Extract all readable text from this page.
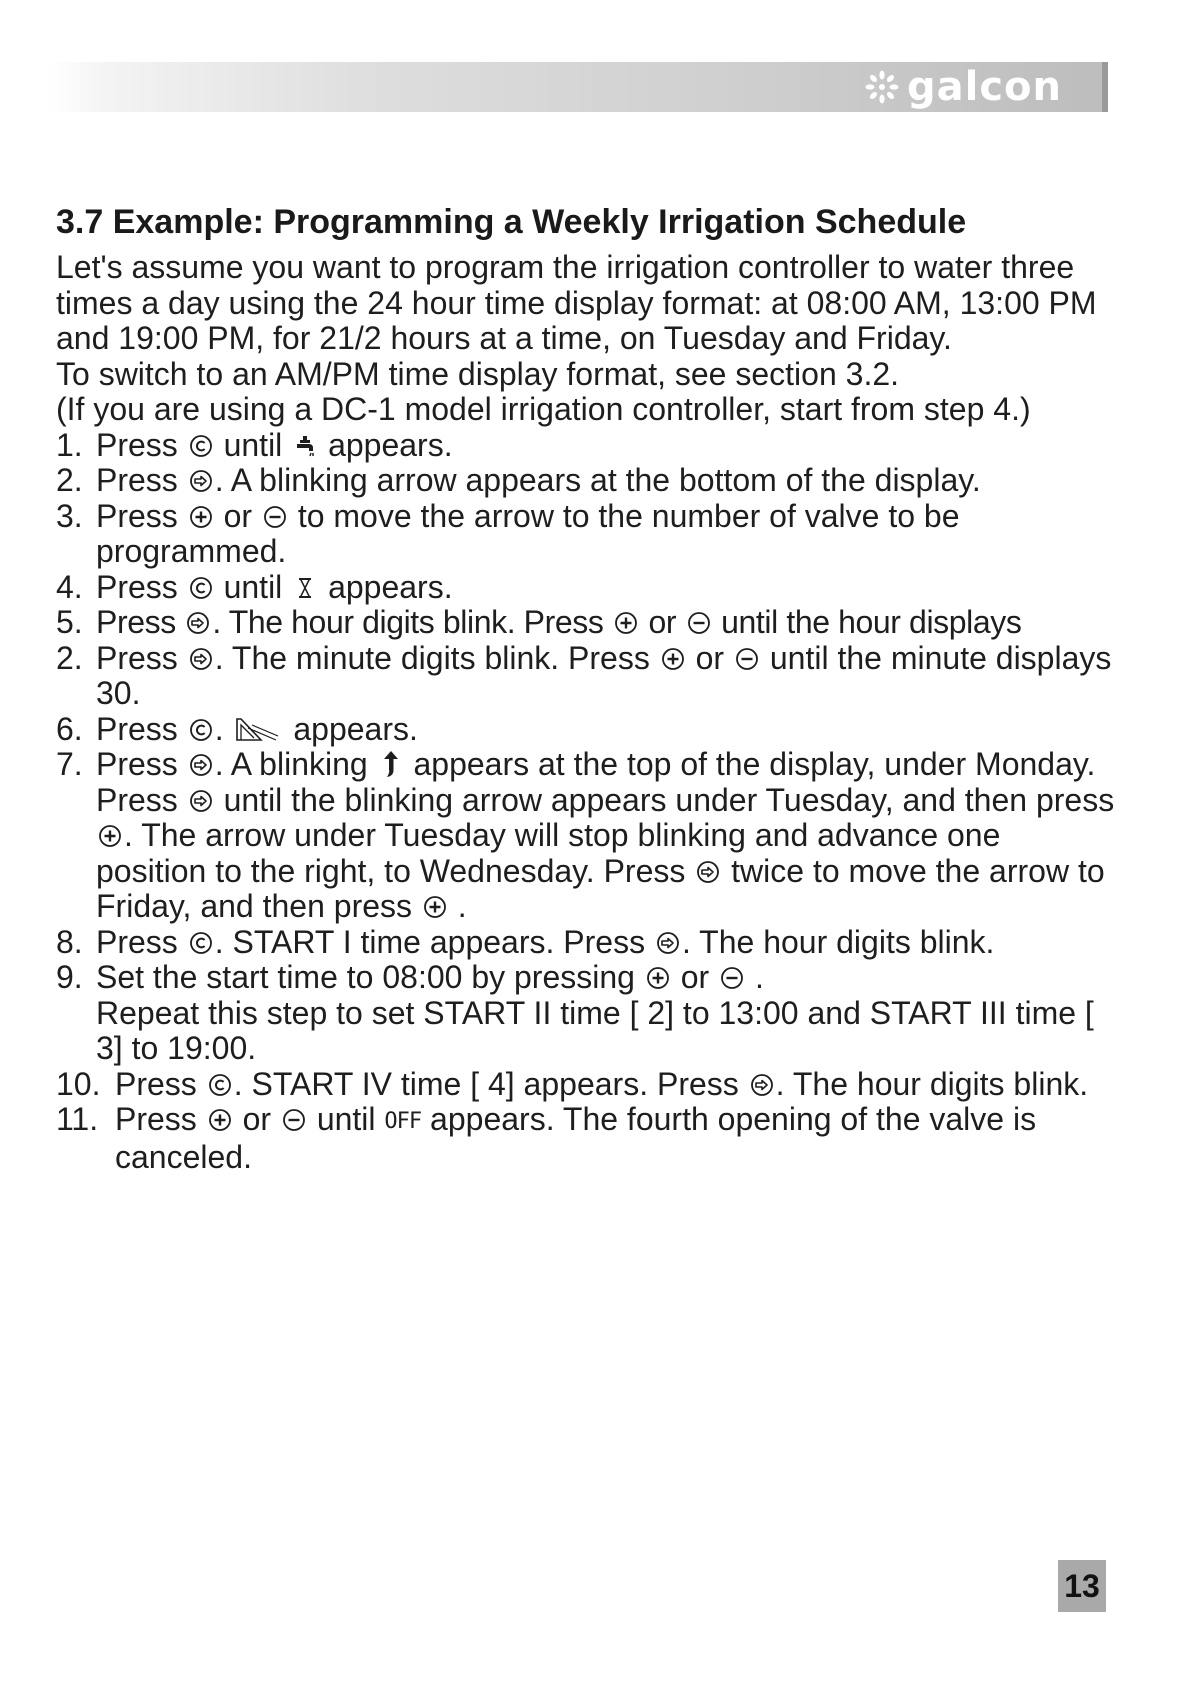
galcon
3.7 Example: Programming a Weekly Irrigation Schedule

Let's assume you want to program the irrigation controller to water three times a day using the 24 hour time display format: at 08:00 AM, 13:00 PM and 19:00 PM, for 21/2 hours at a time, on Tuesday and Friday.

To switch to an AM/PM time display format, see section 3.2.

(If you are using a DC-1 model irrigation controller, start from step 4.)

1. Press until appears.
2. Press . A blinking arrow appears at the bottom of the display.
3. Press or to move the arrow to the number of valve to be programmed.
4. Press until appears.
5. Press . The hour digits blink. Press or until the hour displays
2. Press . The minute digits blink. Press or until the minute displays 30.
6. Press . appears.
7. Press . A blinking appears at the top of the display, under Monday. Press until the blinking arrow appears under Tuesday, and then press . The arrow under Tuesday will stop blinking and advance one position to the right, to Wednesday. Press twice to move the arrow to Friday, and then press .
8. Press . START I time appears. Press . The hour digits blink.
9. Set the start time to 08:00 by pressing or .
Repeat this step to set START II time [ 2] to 13:00 and START III time [ 3] to 19:00.
10. Press . START IV time [ 4] appears. Press . The hour digits blink.
11. Press or until OFF appears. The fourth opening of the valve is canceled.
13
